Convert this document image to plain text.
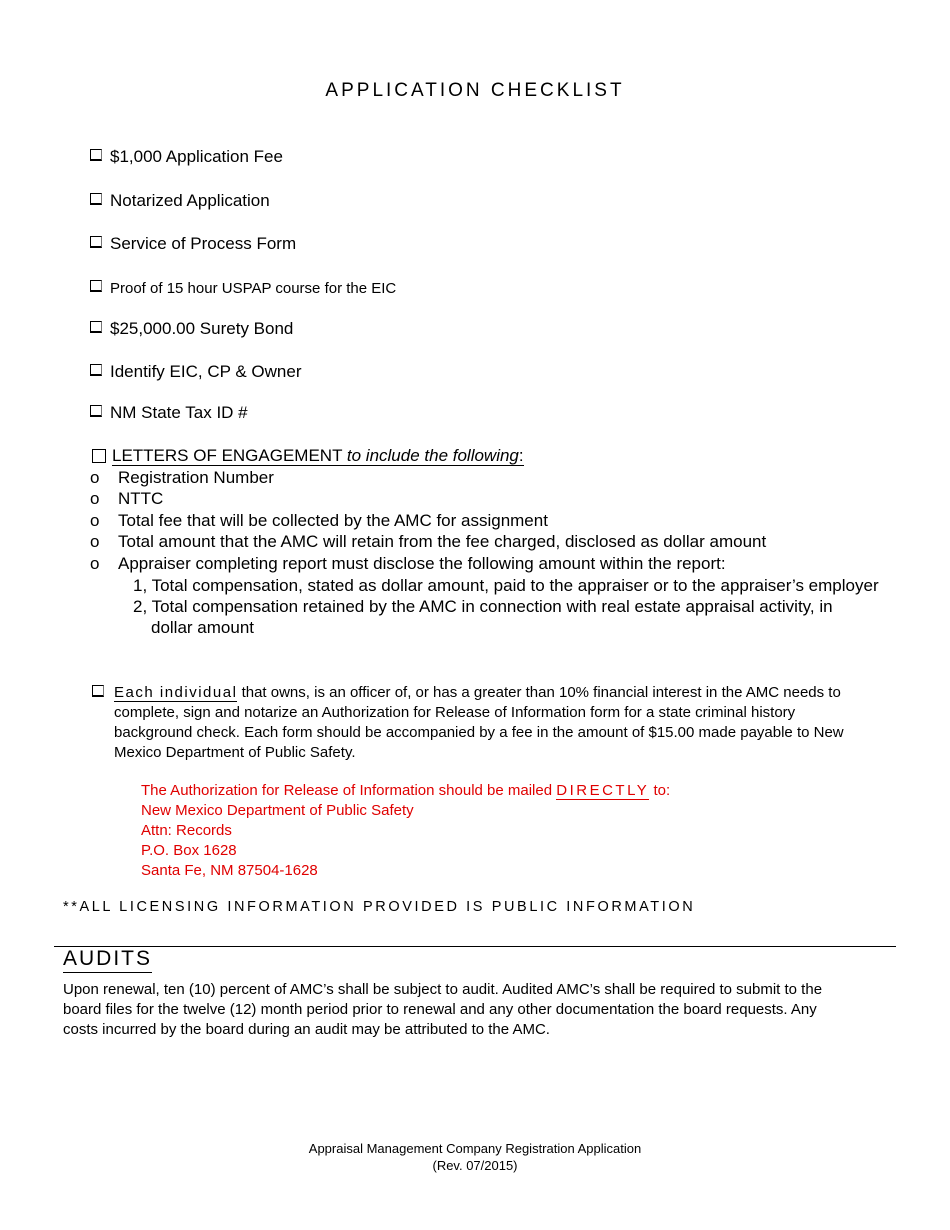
APPLICATION CHECKLIST
$1,000 Application Fee
Notarized Application
Service of Process Form
Proof of 15 hour USPAP course for the EIC
$25,000.00 Surety Bond
Identify EIC, CP & Owner
NM State Tax ID #
LETTERS OF ENGAGEMENT to include the following:
o Registration Number
o NTTC
o Total fee that will be collected by the AMC for assignment
o Total amount that the AMC will retain from the fee charged, disclosed as dollar amount
o Appraiser completing report must disclose the following amount within the report:
1, Total compensation, stated as dollar amount, paid to the appraiser or to the appraiser’s employer
2, Total compensation retained by the AMC in connection with real estate appraisal activity, in
dollar amount
Each individual that owns, is an officer of, or has a greater than 10% financial interest in the AMC needs to
complete, sign and notarize an Authorization for Release of Information form for a state criminal history
background check. Each form should be accompanied by a fee in the amount of $15.00 made payable to New
Mexico Department of Public Safety.
The Authorization for Release of Information should be mailed DIRECTLY to:
New Mexico Department of Public Safety
Attn: Records
P.O. Box 1628
Santa Fe, NM 87504-1628
**ALL LICENSING INFORMATION PROVIDED IS PUBLIC INFORMATION
AUDITS
Upon renewal, ten (10) percent of AMC’s shall be subject to audit. Audited AMC’s shall be required to submit to the
board files for the twelve (12) month period prior to renewal and any other documentation the board requests. Any
costs incurred by the board during an audit may be attributed to the AMC.
Appraisal Management Company Registration Application
(Rev. 07/2015)
